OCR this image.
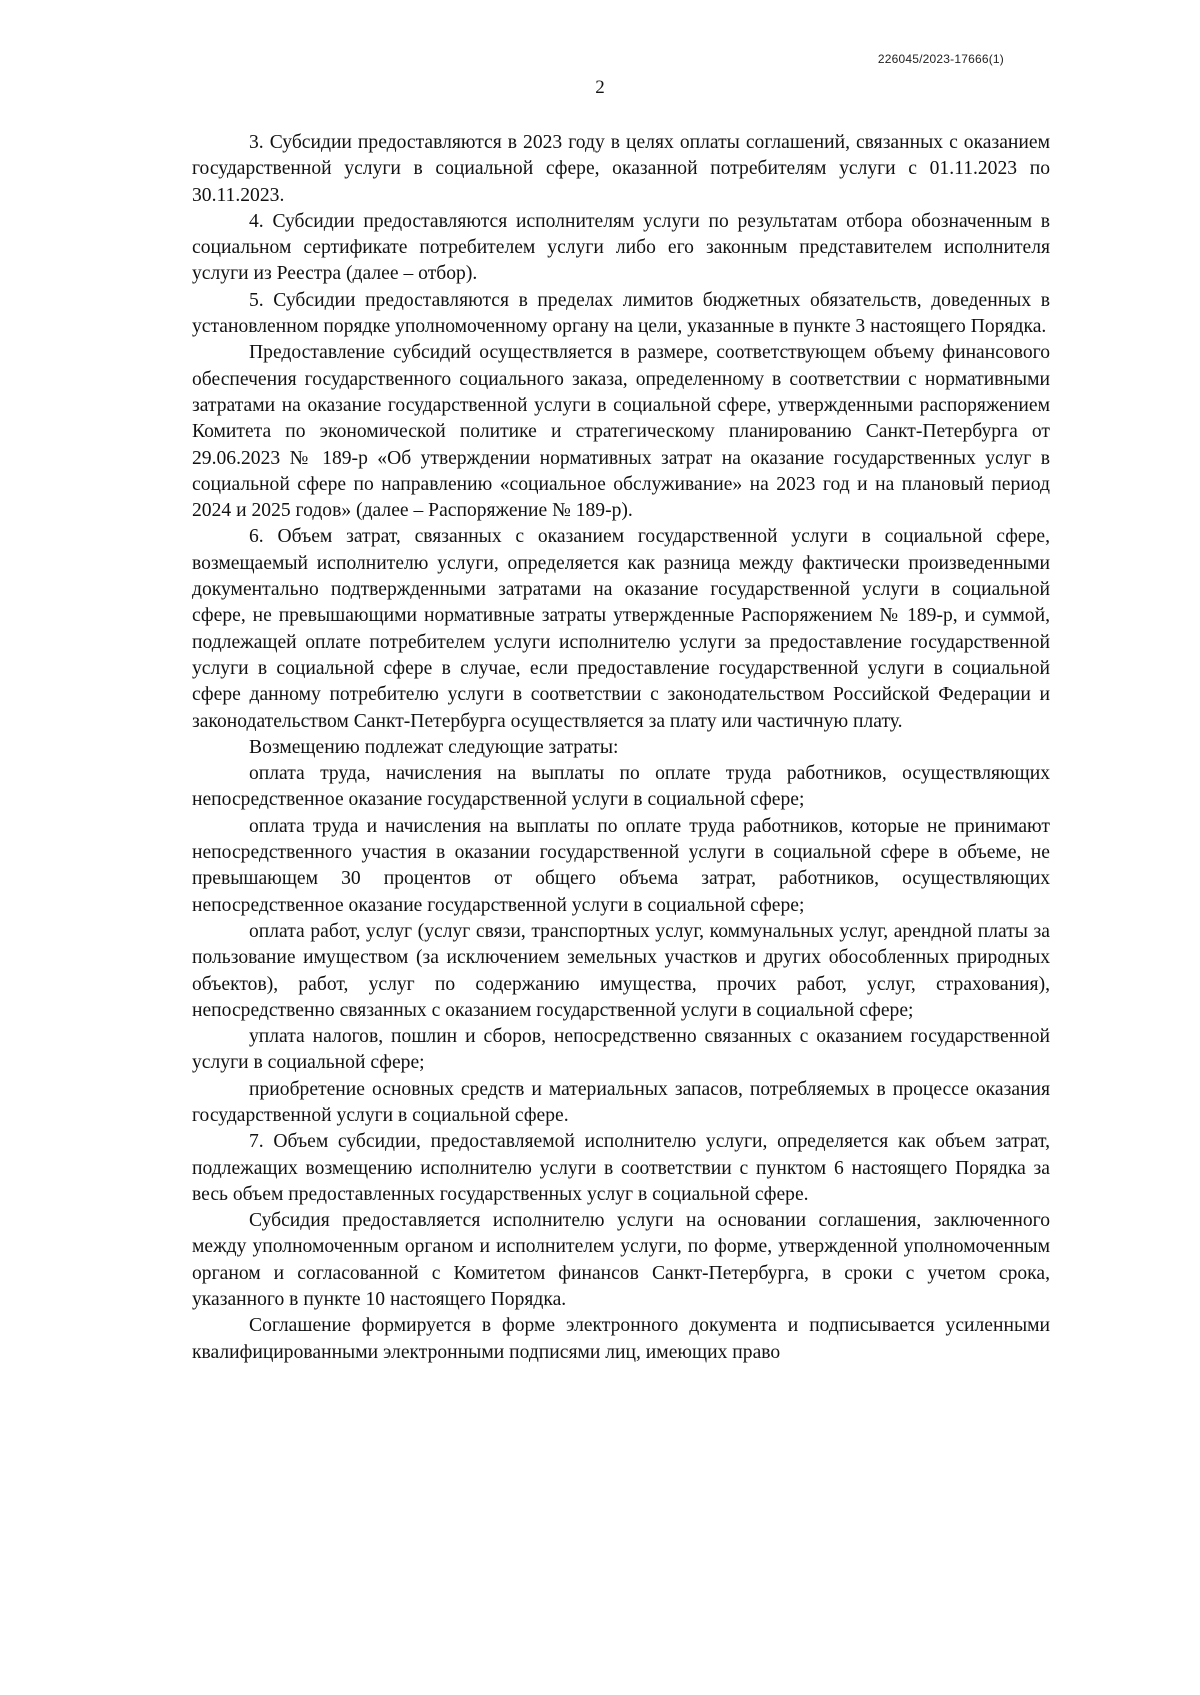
226045/2023-17666(1)
2

3. Субсидии предоставляются в 2023 году в целях оплаты соглашений, связанных с оказанием государственной услуги в социальной сфере, оказанной потребителям услуги с 01.11.2023 по 30.11.2023.

4. Субсидии предоставляются исполнителям услуги по результатам отбора обозначенным в социальном сертификате потребителем услуги либо его законным представителем исполнителя услуги из Реестра (далее – отбор).

5. Субсидии предоставляются в пределах лимитов бюджетных обязательств, доведенных в установленном порядке уполномоченному органу на цели, указанные в пункте 3 настоящего Порядка.

Предоставление субсидий осуществляется в размере, соответствующем объему финансового обеспечения государственного социального заказа, определенному в соответствии с нормативными затратами на оказание государственной услуги в социальной сфере, утвержденными распоряжением Комитета по экономической политике и стратегическому планированию Санкт-Петербурга от 29.06.2023 № 189-р «Об утверждении нормативных затрат на оказание государственных услуг в социальной сфере по направлению «социальное обслуживание» на 2023 год и на плановый период 2024 и 2025 годов» (далее – Распоряжение № 189-р).

6. Объем затрат, связанных с оказанием государственной услуги в социальной сфере, возмещаемый исполнителю услуги, определяется как разница между фактически произведенными документально подтвержденными затратами на оказание государственной услуги в социальной сфере, не превышающими нормативные затраты утвержденные Распоряжением № 189-р, и суммой, подлежащей оплате потребителем услуги исполнителю услуги за предоставление государственной услуги в социальной сфере в случае, если предоставление государственной услуги в социальной сфере данному потребителю услуги в соответствии с законодательством Российской Федерации и законодательством Санкт-Петербурга осуществляется за плату или частичную плату.

Возмещению подлежат следующие затраты:

оплата труда, начисления на выплаты по оплате труда работников, осуществляющих непосредственное оказание государственной услуги в социальной сфере;

оплата труда и начисления на выплаты по оплате труда работников, которые не принимают непосредственного участия в оказании государственной услуги в социальной сфере в объеме, не превышающем 30 процентов от общего объема затрат, работников, осуществляющих непосредственное оказание государственной услуги в социальной сфере;

оплата работ, услуг (услуг связи, транспортных услуг, коммунальных услуг, арендной платы за пользование имуществом (за исключением земельных участков и других обособленных природных объектов), работ, услуг по содержанию имущества, прочих работ, услуг, страхования), непосредственно связанных с оказанием государственной услуги в социальной сфере;

уплата налогов, пошлин и сборов, непосредственно связанных с оказанием государственной услуги в социальной сфере;

приобретение основных средств и материальных запасов, потребляемых в процессе оказания государственной услуги в социальной сфере.

7. Объем субсидии, предоставляемой исполнителю услуги, определяется как объем затрат, подлежащих возмещению исполнителю услуги в соответствии с пунктом 6 настоящего Порядка за весь объем предоставленных государственных услуг в социальной сфере.

Субсидия предоставляется исполнителю услуги на основании соглашения, заключенного между уполномоченным органом и исполнителем услуги, по форме, утвержденной уполномоченным органом и согласованной с Комитетом финансов Санкт-Петербурга, в сроки с учетом срока, указанного в пункте 10 настоящего Порядка.

Соглашение формируется в форме электронного документа и подписывается усиленными квалифицированными электронными подписями лиц, имеющих право
